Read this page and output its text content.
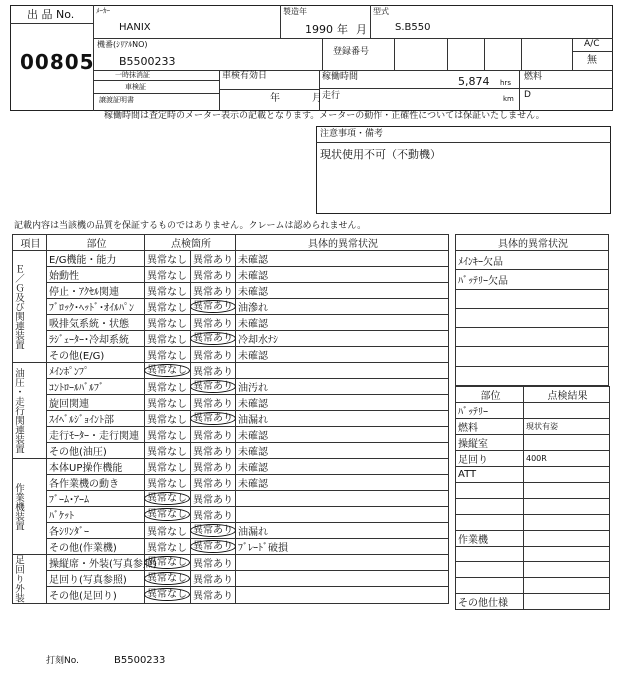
出 品 No.
00805
ﾒｰｶｰ
HANIX
製造年
1990 年 月
型式
S.B550
機番(ｼﾘｱﾙNO)
B5500233
登録番号
A/C
無
一時抹消証
車検証
譲渡証明書
車検有効日
年	月
稼働時間
走行
5,874 hrs
km
燃料
D
稼働時間は査定時のメーター表示の記載となります。メーターの動作・正確性については保証いたしません。
注意事項・備考
現状使用不可（不動機）
記載内容は当該機の品質を保証するものではありません。クレームは認められません。
項目	部位	点検箇所		具体的異常状況

Ｅ／Ｇ及び関連装置	E/G機能・能力	異常なし	異常あり	未確認
	始動性	異常なし	異常あり	未確認
	停止・ｱｸｾﾙ関連	異常なし	異常あり	未確認
	ﾌﾞﾛｯｸ･ﾍｯﾄﾞ･ｵｲﾙﾊﾟﾝ	異常なし	異常あり	油滲れ
	吸排気系統・状態	異常なし	異常あり	未確認
	ﾗｼﾞｪｰﾀｰ･冷却系統	異常なし	異常あり	冷却水ﾅｼ
	その他(E/G)	異常なし	異常あり	未確認

油圧・走行関連装置	ﾒｲﾝﾎﾟﾝﾌﾟ	異常なし	異常あり	
	ｺﾝﾄﾛｰﾙﾊﾞﾙﾌﾞ	異常なし	異常あり	油汚れ
	旋回関連	異常なし	異常あり	未確認
	ｽｲﾍﾞﾙｼﾞｮｲﾝﾄ部	異常なし	異常あり	油漏れ
	走行ﾓｰﾀｰ・走行関連	異常なし	異常あり	未確認
	その他(油圧)	異常なし	異常あり	未確認

作業機装置	本体UP操作機能	異常なし	異常あり	未確認
	各作業機の動き	異常なし	異常あり	未確認
	ﾌﾞｰﾑ･ｱｰﾑ	異常なし	異常あり	
	ﾊﾞｹｯﾄ	異常なし	異常あり	
	各ｼﾘﾝﾀﾞｰ	異常なし	異常あり	油漏れ
	その他(作業機)	異常なし	異常あり	ﾌﾞﾚｰﾄﾞ破損

足回り外装	操縦席・外装(写真参照)	異常なし	異常あり	
	足回り(写真参照)	異常なし	異常あり	
	その他(足回り)	異常なし	異常あり	
具体的異常状況
ﾒｲﾝｷｰ欠品
ﾊﾞｯﾃﾘｰ欠品

部位	点検結果
ﾊﾞｯﾃﾘｰ	
燃料	現状有姿
操縦室	
足回り	400R
ATT	

作業機	

その他仕様	
打刻No.	B5500233
